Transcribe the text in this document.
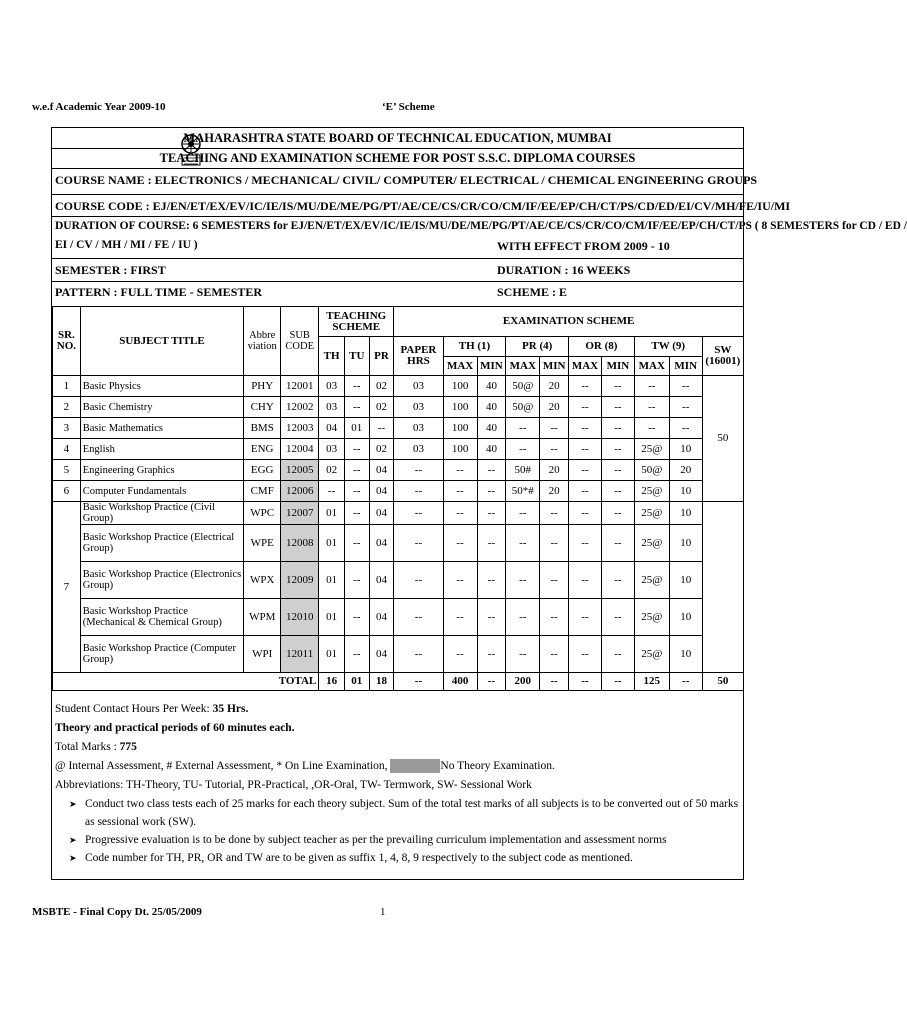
w.e.f Academic Year 2009-10	‘E’ Scheme
MAHARASHTRA STATE BOARD OF TECHNICAL EDUCATION, MUMBAI
TEACHING AND EXAMINATION SCHEME FOR POST S.S.C. DIPLOMA COURSES
COURSE NAME : ELECTRONICS / MECHANICAL/ CIVIL/ COMPUTER/ ELECTRICAL / CHEMICAL ENGINEERING GROUPS
COURSE CODE : EJ/EN/ET/EX/EV/IC/IE/IS/MU/DE/ME/PG/PT/AE/CE/CS/CR/CO/CM/IF/EE/EP/CH/CT/PS/CD/ED/EI/CV/MH/FE/IU/MI
DURATION OF COURSE: 6 SEMESTERS for EJ/EN/ET/EX/EV/IC/IE/IS/MU/DE/ME/PG/PT/AE/CE/CS/CR/CO/CM/IF/EE/EP/CH/CT/PS ( 8 SEMESTERS for CD / ED /
EI / CV / MH / MI / FE / IU )	WITH EFFECT FROM 2009 - 10
SEMESTER : FIRST	DURATION : 16 WEEKS
PATTERN : FULL TIME - SEMESTER	SCHEME : E
SR. NO.	SUBJECT TITLE	Abbre viation	SUB CODE	TEACHING SCHEME			EXAMINATION SCHEME									
				TH	TU	PR	PAPER HRS	TH (1)		PR (4)		OR (8)		TW (9)		SW (16001)
								MAX	MIN	MAX	MIN	MAX	MIN	MAX	MIN	
1	Basic Physics	PHY	12001	03	--	02	03	100	40	50@	20	--	--	--	--	50
2	Basic Chemistry	CHY	12002	03	--	02	03	100	40	50@	20	--	--	--	--	
3	Basic Mathematics	BMS	12003	04	01	--	03	100	40	--	--	--	--	--	--	
4	English	ENG	12004	03	--	02	03	100	40	--	--	--	--	25@	10	
5	Engineering Graphics	EGG	12005	02	--	04	--	--	--	50#	20	--	--	50@	20	
6	Computer Fundamentals	CMF	12006	--	--	04	--	--	--	50*#	20	--	--	25@	10	
7	Basic Workshop Practice (Civil Group)	WPC	12007	01	--	04	--	--	--	--	--	--	--	25@	10	
	Basic Workshop Practice (Electrical Group)	WPE	12008	01	--	04	--	--	--	--	--	--	--	25@	10	
	Basic Workshop Practice (Electronics Group)	WPX	12009	01	--	04	--	--	--	--	--	--	--	25@	10	
	Basic Workshop Practice (Mechanical & Chemical Group)	WPM	12010	01	--	04	--	--	--	--	--	--	--	25@	10	
	Basic Workshop Practice (Computer Group)	WPI	12011	01	--	04	--	--	--	--	--	--	--	25@	10	
TOTAL				16	01	18	--	400	--	200	--	--	--	125	--	50
Student Contact Hours Per Week: 35 Hrs.
Theory and practical periods of 60 minutes each.
Total Marks : 775
@ Internal Assessment, # External Assessment, * On Line Examination,	No Theory Examination.
Abbreviations: TH-Theory, TU- Tutorial, PR-Practical, ,OR-Oral, TW- Termwork, SW- Sessional Work
➤ Conduct two class tests each of 25 marks for each theory subject. Sum of the total test marks of all subjects is to be converted out of 50 marks as sessional work (SW).
➤ Progressive evaluation is to be done by subject teacher as per the prevailing curriculum implementation and assessment norms
➤ Code number for TH, PR, OR and TW are to be given as suffix 1, 4, 8, 9 respectively to the subject code as mentioned.
MSBTE - Final Copy Dt. 25/05/2009	1
